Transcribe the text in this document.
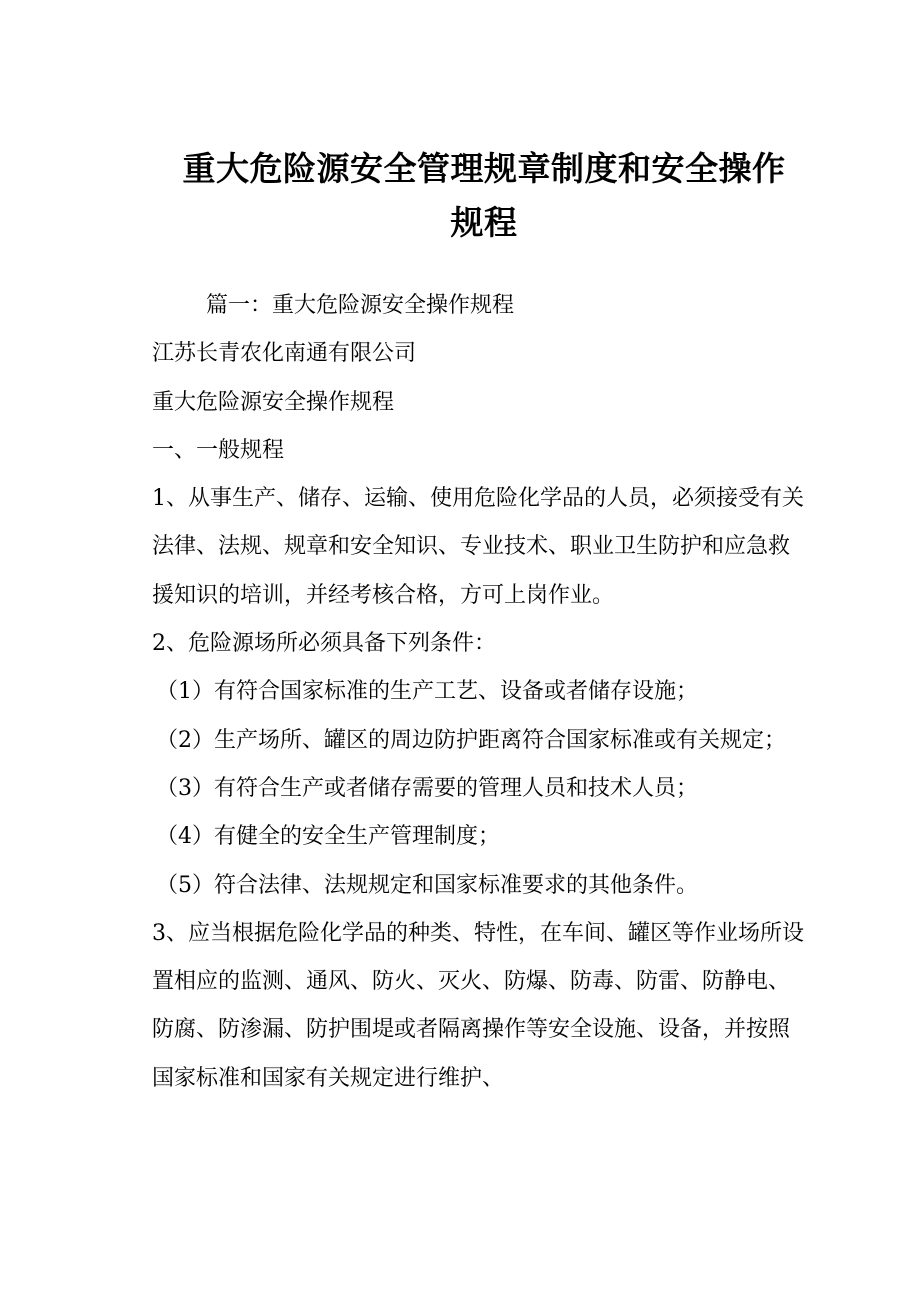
重大危险源安全管理规章制度和安全操作
规程

篇一：重大危险源安全操作规程

江苏长青农化南通有限公司

重大危险源安全操作规程

一、一般规程

1、从事生产、储存、运输、使用危险化学品的人员，必须接受有关法律、法规、规章和安全知识、专业技术、职业卫生防护和应急救援知识的培训，并经考核合格，方可上岗作业。

2、危险源场所必须具备下列条件：

（1）有符合国家标准的生产工艺、设备或者储存设施；

（2）生产场所、罐区的周边防护距离符合国家标准或有关规定；

（3）有符合生产或者储存需要的管理人员和技术人员；

（4）有健全的安全生产管理制度；

（5）符合法律、法规规定和国家标准要求的其他条件。

3、应当根据危险化学品的种类、特性，在车间、罐区等作业场所设置相应的监测、通风、防火、灭火、防爆、防毒、防雷、防静电、防腐、防渗漏、防护围堤或者隔离操作等安全设施、设备，并按照国家标准和国家有关规定进行维护、
